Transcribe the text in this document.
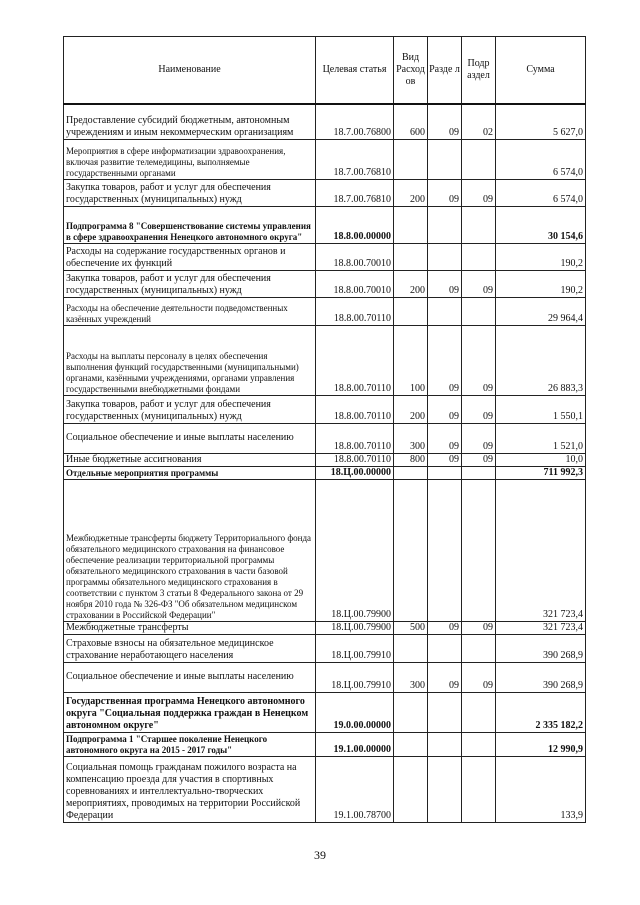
Наименование	Целевая статья	Вид Расход ов	Разде л	Подр аздел	Сумма
Предоставление субсидий бюджетным, автономным учреждениям и иным некоммерческим организациям	18.7.00.76800	600	09	02	5 627,0
Мероприятия в сфере информатизации здравоохранения, включая развитие телемедицины, выполняемые государственными органами	18.7.00.76810				6 574,0
Закупка товаров, работ и услуг для обеспечения государственных (муниципальных) нужд	18.7.00.76810	200	09	09	6 574,0
Подпрограмма 8 "Совершенствование системы управления в сфере здравоохранения Ненецкого автономного округа"	18.8.00.00000				30 154,6
Расходы на содержание государственных органов и обеспечение их функций	18.8.00.70010				190,2
Закупка товаров, работ и услуг для обеспечения государственных (муниципальных) нужд	18.8.00.70010	200	09	09	190,2
Расходы на обеспечение деятельности подведомственных казённых учреждений	18.8.00.70110				29 964,4
Расходы на выплаты персоналу в целях обеспечения выполнения функций государственными (муниципальными) органами, казёнными учреждениями, органами управления государственными внебюджетными фондами	18.8.00.70110	100	09	09	26 883,3
Закупка товаров, работ и услуг для обеспечения государственных (муниципальных) нужд	18.8.00.70110	200	09	09	1 550,1
Социальное обеспечение и иные выплаты населению	18.8.00.70110	300	09	09	1 521,0
Иные бюджетные ассигнования	18.8.00.70110	800	09	09	10,0
Отдельные мероприятия программы	18.Ц.00.00000				711 992,3
Межбюджетные трансферты бюджету Территориального фонда обязательного медицинского страхования на финансовое обеспечение реализации территориальной программы обязательного медицинского страхования в части базовой программы обязательного медицинского страхования в соответствии с пунктом 3 статьи 8 Федерального закона от 29 ноября 2010 года № 326-ФЗ "Об обязательном медицинском страховании в Российской Федерации"	18.Ц.00.79900				321 723,4
Межбюджетные трансферты	18.Ц.00.79900	500	09	09	321 723,4
Страховые взносы на обязательное медицинское страхование неработающего населения	18.Ц.00.79910				390 268,9
Социальное обеспечение и иные выплаты населению	18.Ц.00.79910	300	09	09	390 268,9
Государственная программа Ненецкого автономного округа "Социальная поддержка граждан в Ненецком автономном округе"	19.0.00.00000				2 335 182,2
Подпрограмма 1 "Старшее поколение Ненецкого автономного округа на 2015 - 2017 годы"	19.1.00.00000				12 990,9
Социальная помощь гражданам пожилого возраста на компенсацию проезда для участия в спортивных соревнованиях и интеллектуально-творческих мероприятиях, проводимых на территории Российской Федерации	19.1.00.78700				133,9
39
